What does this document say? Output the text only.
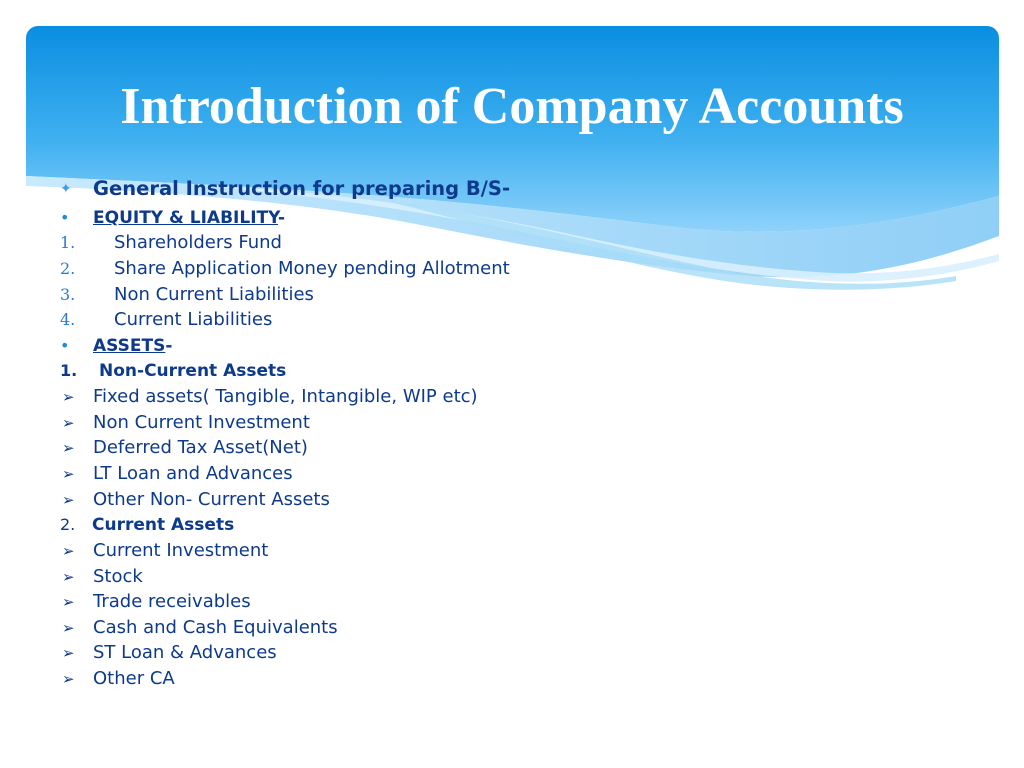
Introduction of Company Accounts
✦ General Instruction for preparing B/S-
• EQUITY & LIABILITY-
1. Shareholders Fund
2. Share Application Money pending Allotment
3. Non Current Liabilities
4. Current Liabilities
• ASSETS-
1. Non-Current Assets
➢ Fixed assets( Tangible, Intangible, WIP etc)
➢ Non Current Investment
➢ Deferred Tax Asset(Net)
➢ LT Loan and Advances
➢ Other Non- Current Assets
2. Current Assets
➢ Current Investment
➢ Stock
➢ Trade receivables
➢ Cash and Cash Equivalents
➢ ST Loan & Advances
➢ Other CA
